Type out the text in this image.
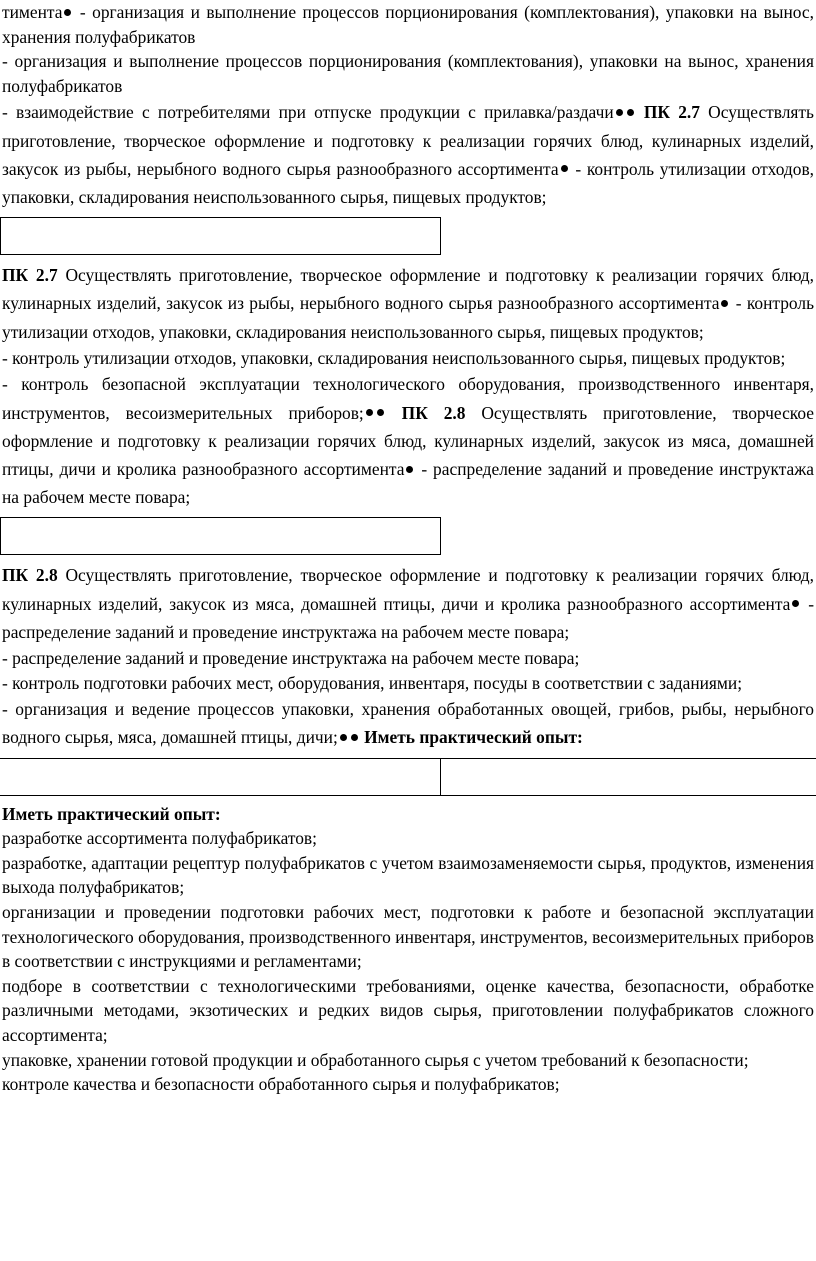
тимента - организация и выполнение процессов порционирования (комплектования), упаковки на вынос, хранения полуфабрикатов

- организация и выполнение процессов порционирования (комплектования), упаковки на вынос, хранения полуфабрикатов

- взаимодействие с потребителями при отпуске продукции с прилавка/раздачи ПК 2.7 Осуществлять приготовление, творческое оформление и подготовку к реализации горячих блюд, кулинарных изделий, закусок из рыбы, нерыбного водного сырья разнообразного ассортимента - контроль утилизации отходов, упаковки, складирования неиспользованного сырья, пищевых продуктов;

ПК 2.7 Осуществлять приготовление, творческое оформление и подготовку к реализации горячих блюд, кулинарных изделий, закусок из рыбы, нерыбного водного сырья разнообразного ассортимента - контроль утилизации отходов, упаковки, складирования неиспользованного сырья, пищевых продуктов;

- контроль утилизации отходов, упаковки, складирования неиспользованного сырья, пищевых продуктов;

- контроль безопасной эксплуатации технологического оборудования, производственного инвентаря, инструментов, весоизмерительных приборов; ПК 2.8 Осуществлять приготовление, творческое оформление и подготовку к реализации горячих блюд, кулинарных изделий, закусок из мяса, домашней птицы, дичи и кролика разнообразного ассортимента - распределение заданий и проведение инструктажа на рабочем месте повара;

ПК 2.8 Осуществлять приготовление, творческое оформление и подготовку к реализации горячих блюд, кулинарных изделий, закусок из мяса, домашней птицы, дичи и кролика разнообразного ассортимента - распределение заданий и проведение инструктажа на рабочем месте повара;

- распределение заданий и проведение инструктажа на рабочем месте повара;

- контроль подготовки рабочих мест, оборудования, инвентаря, посуды в соответствии с заданиями;

- организация и ведение процессов упаковки, хранения обработанных овощей, грибов, рыбы, нерыбного водного сырья, мяса, домашней птицы, дичи; Иметь практический опыт:

Иметь практический опыт:

разработке ассортимента полуфабрикатов;

разработке, адаптации рецептур полуфабрикатов с учетом взаимозаменяемости сырья, продуктов, изменения выхода полуфабрикатов;

организации и проведении подготовки рабочих мест, подготовки к работе и безопасной эксплуатации технологического оборудования, производственного инвентаря, инструментов, весоизмерительных приборов в соответствии с инструкциями и регламентами;

подборе в соответствии с технологическими требованиями, оценке качества, безопасности, обработке различными методами, экзотических и редких видов сырья, приготовлении полуфабрикатов сложного ассортимента;

упаковке, хранении готовой продукции и обработанного сырья с учетом требований к безопасности;

контроле качества и безопасности обработанного сырья и полуфабрикатов;
